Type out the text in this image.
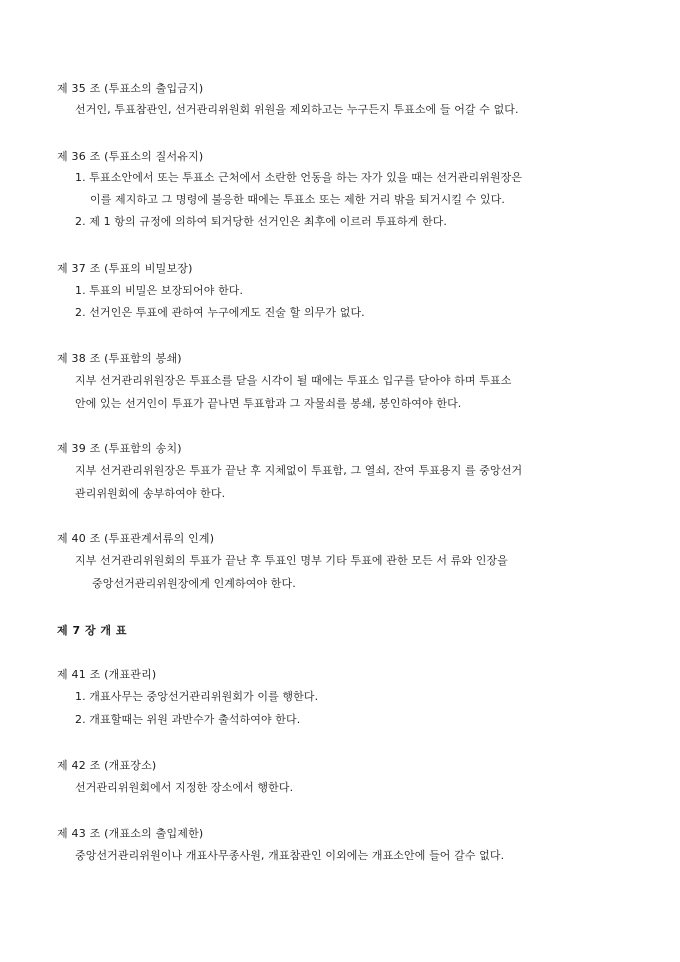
제 35 조 (투표소의 출입금지)
선거인, 투표참관인, 선거관리위원회 위원을 제외하고는 누구든지 투표소에 들 어갈 수 없다.
제 36 조 (투표소의 질서유지)
1. 투표소안에서 또는 투표소 근처에서 소란한 언동을 하는 자가 있을 때는 선거관리위원장은
이를 제지하고 그 명령에 불응한 때에는 투표소 또는 제한 거리 밖을 퇴거시킬 수 있다.
2. 제 1 항의 규정에 의하여 퇴거당한 선거인은 최후에 이르러 투표하게 한다.
제 37 조 (투표의 비밀보장)
1. 투표의 비밀은 보장되어야 한다.
2. 선거인은 투표에 관하여 누구에게도 진술 할 의무가 없다.
제 38 조 (투표함의 봉쇄)
지부 선거관리위원장은 투표소를 닫을 시각이 될 때에는 투표소 입구를 닫아야 하며 투표소
안에 있는 선거인이 투표가 끝나면 투표함과 그 자물쇠를 봉쇄, 봉인하여야 한다.
제 39 조 (투표함의 송치)
지부 선거관리위원장은 투표가 끝난 후 지체없이 투표함, 그 열쇠, 잔여 투표용지 를 중앙선거
관리위원회에 송부하여야 한다.
제 40 조 (투표관계서류의 인계)
지부 선거관리위원회의 투표가 끝난 후 투표인 명부 기타 투표에 관한 모든 서 류와 인장을
중앙선거관리위원장에게 인계하여야 한다.
제 7 장 개 표
제 41 조 (개표관리)
1. 개표사무는 중앙선거관리위원회가 이를 행한다.
2. 개표할때는 위원 과반수가 출석하여야 한다.
제 42 조 (개표장소)
선거관리위원회에서 지정한 장소에서 행한다.
제 43 조 (개표소의 출입제한)
중앙선거관리위원이나 개표사무종사원, 개표참관인 이외에는 개표소안에 들어 갈수 없다.
